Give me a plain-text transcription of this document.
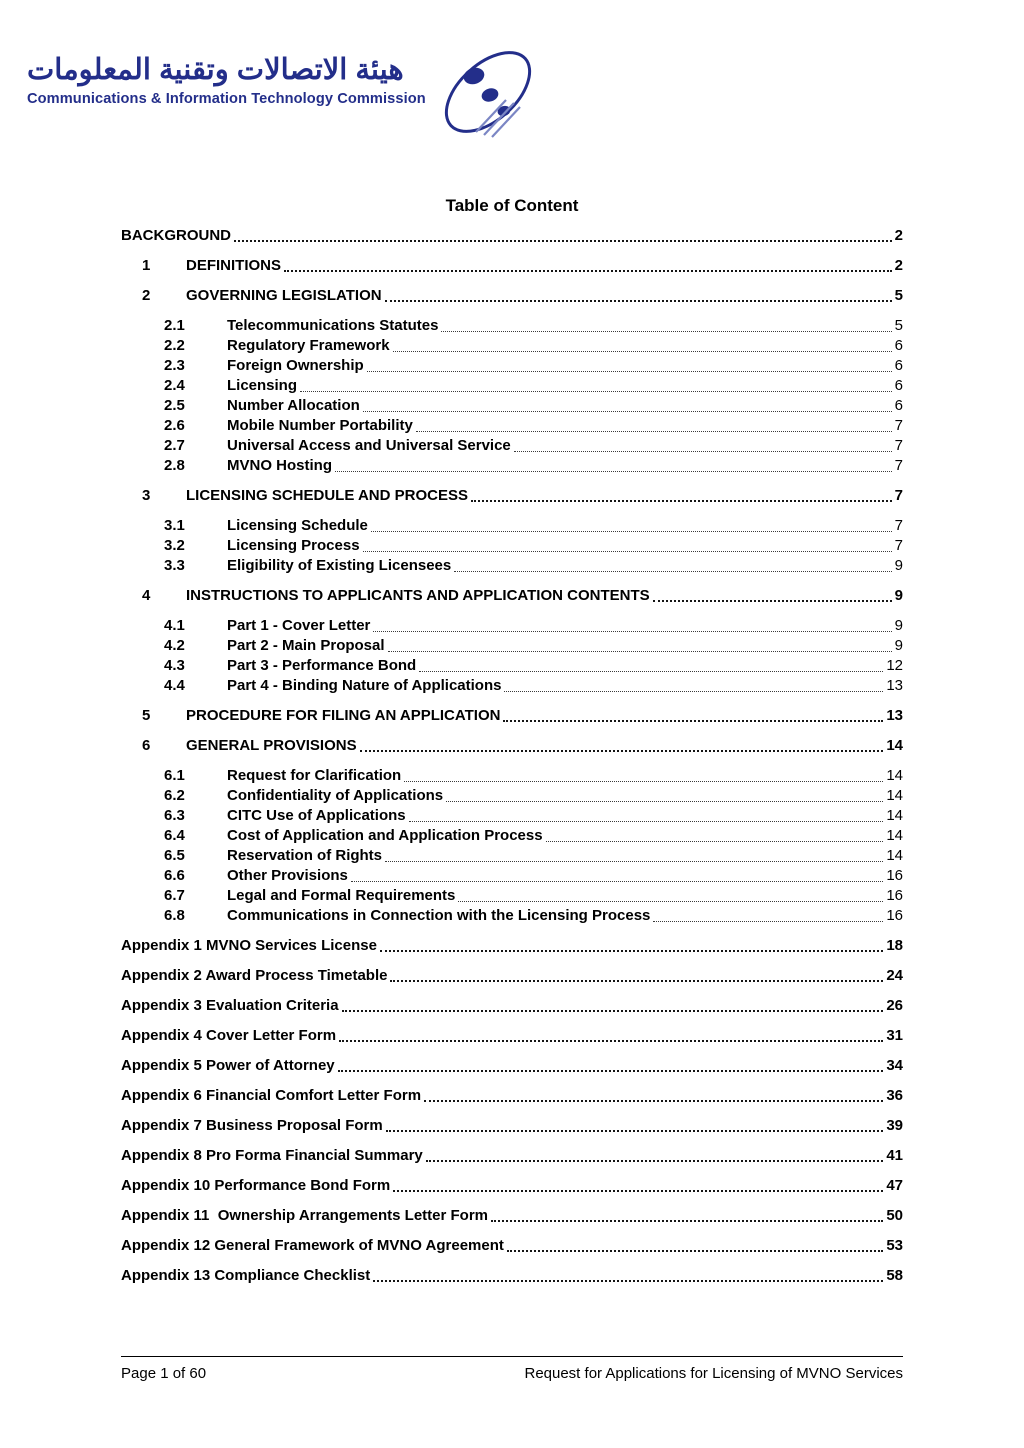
هيئة الاتصالات وتقنية المعلومات
Communications & Information Technology Commission
Table of Content
BACKGROUND	2
1	DEFINITIONS	2
2	GOVERNING LEGISLATION	5
2.1	Telecommunications Statutes	5
2.2	Regulatory Framework	6
2.3	Foreign Ownership	6
2.4	Licensing	6
2.5	Number Allocation	6
2.6	Mobile Number Portability	7
2.7	Universal Access and Universal Service	7
2.8	MVNO Hosting	7
3	LICENSING SCHEDULE AND PROCESS	7
3.1	Licensing Schedule	7
3.2	Licensing Process	7
3.3	Eligibility of Existing Licensees	9
4	INSTRUCTIONS TO APPLICANTS AND APPLICATION CONTENTS	9
4.1	Part 1 - Cover Letter	9
4.2	Part 2 - Main Proposal	9
4.3	Part 3 - Performance Bond	12
4.4	Part 4 - Binding Nature of Applications	13
5	PROCEDURE FOR FILING AN APPLICATION	13
6	GENERAL PROVISIONS	14
6.1	Request for Clarification	14
6.2	Confidentiality of Applications	14
6.3	CITC Use of Applications	14
6.4	Cost of Application and Application Process	14
6.5	Reservation of Rights	14
6.6	Other Provisions	16
6.7	Legal and Formal Requirements	16
6.8	Communications in Connection with the Licensing Process	16
Appendix 1 MVNO Services License	18
Appendix 2 Award Process Timetable	24
Appendix 3 Evaluation Criteria	26
Appendix 4 Cover Letter Form	31
Appendix 5 Power of Attorney	34
Appendix 6 Financial Comfort Letter Form	36
Appendix 7 Business Proposal Form	39
Appendix 8 Pro Forma Financial Summary	41
Appendix 10 Performance Bond Form	47
Appendix 11  Ownership Arrangements Letter Form	50
Appendix 12 General Framework of MVNO Agreement	53
Appendix 13 Compliance Checklist	58
Page 1 of 60	Request for Applications for Licensing of MVNO Services
